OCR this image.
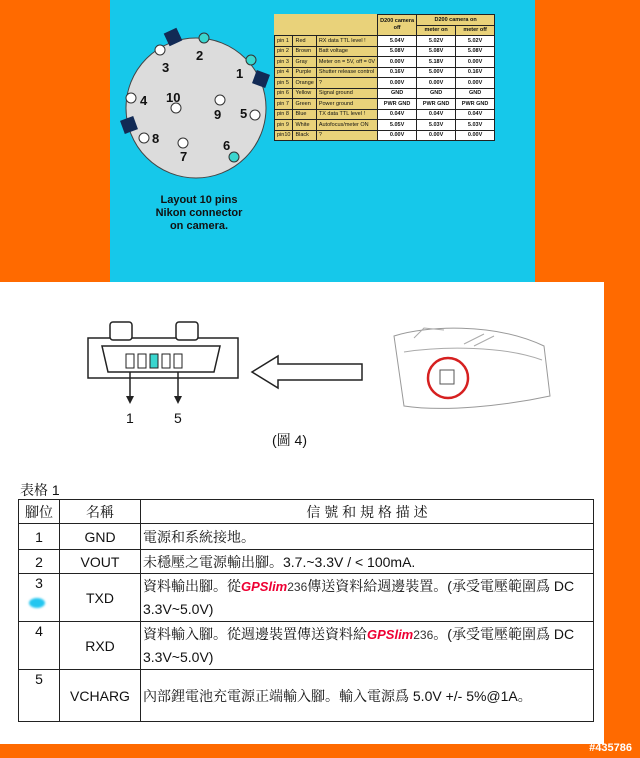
1
2
3
4
5
6
7
8
9
10
Layout 10 pins
Nikon connector
on camera.
			D200 camera off	D200 camera on	
				meter on	meter off
pin 1	Red	RX data TTL level !	5.04V	5.02V	5.02V
pin 2	Brown	Batt voltage	5.08V	5.08V	5.08V
pin 3	Gray	Meter on = 5V, off = 0V	0.00V	5.18V	0.00V
pin 4	Purple	Shutter release control	0.16V	5.00V	0.16V
pin 5	Orange	?	0.00V	0.00V	0.00V
pin 6	Yellow	Signal ground	GND	GND	GND
pin 7	Green	Power ground	PWR GND	PWR GND	PWR GND
pin 8	Blue	TX data TTL level !	0.04V	0.04V	0.04V
pin 9	White	Autofocus/meter ON	5.05V	5.03V	5.03V
pin10	Black	?	0.00V	0.00V	0.00V
1	5
(圖 4)
表格 1
腳位	名稱	信 號 和 規 格 描 述
1	GND	電源和系統接地。
2	VOUT	未穩壓之電源輸出腳。3.7.~3.3V / < 100mA.
3	TXD	資料輸出腳。從GPSlim236傳送資料給週邊裝置。(承受電壓範圍爲 DC 3.3V~5.0V)
4	RXD	資料輸入腳。從週邊裝置傳送資料給GPSlim236。(承受電壓範圍爲 DC 3.3V~5.0V)
5	VCHARG	內部鋰電池充電源正端輸入腳。輸入電源爲 5.0V +/- 5%@1A。
#435786
